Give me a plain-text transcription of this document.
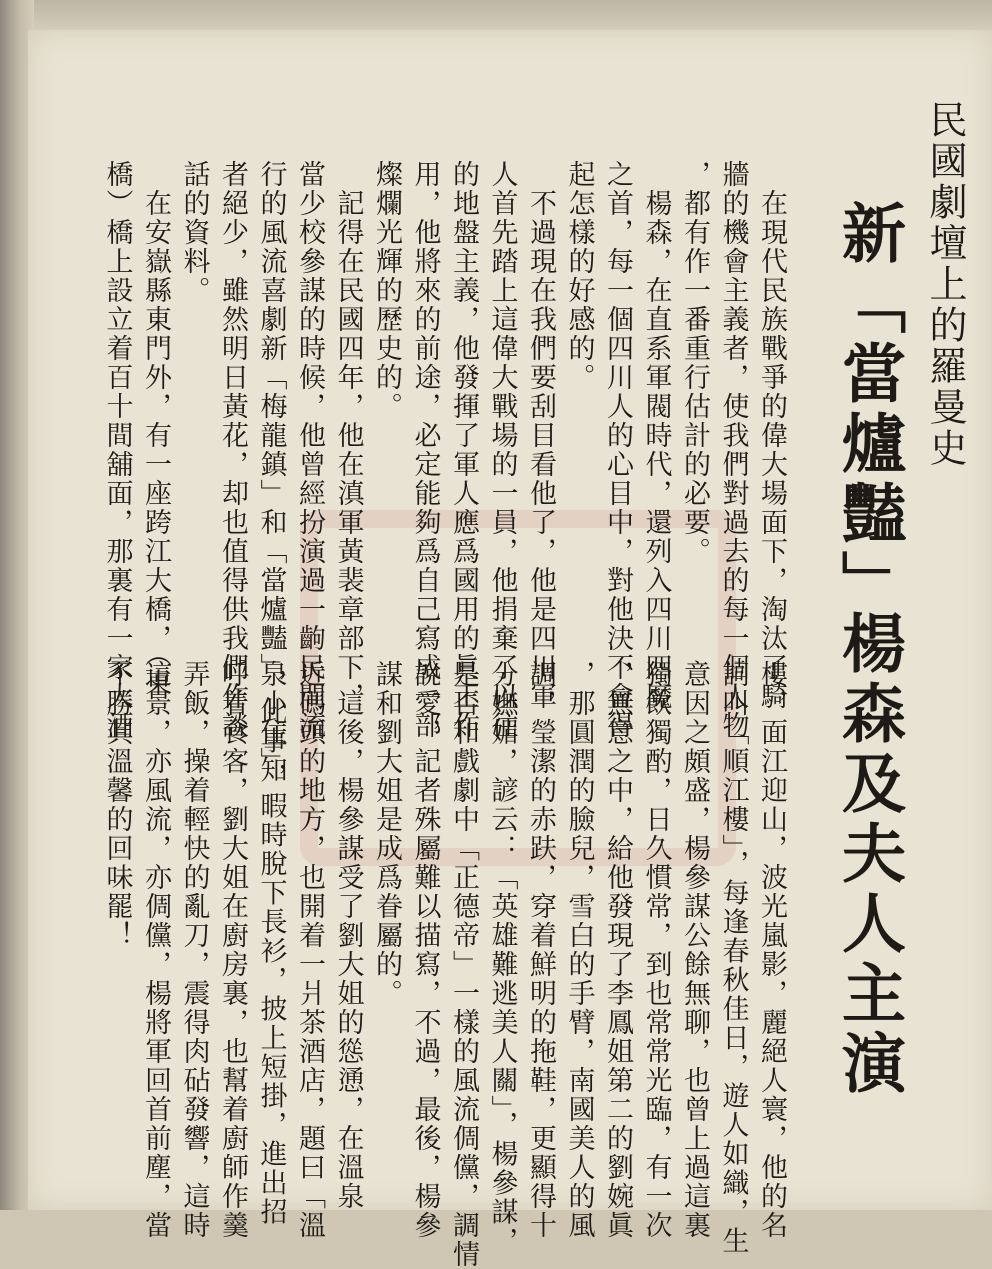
民國劇壇上的羅曼史
新「當爐豔」
楊森及夫人主演
　在現代民族戰爭的偉大場面下，淘汰了騎
牆的機會主義者，使我們對過去的每一個人物
，都有作一番重行估計的必要。
　楊森，在直系軍閥時代，還列入四川四魔
之首，每一個四川人的心目中，對他決不會得
起怎樣的好感的。
　不過現在我們要刮目看他了，他是四川軍
人首先踏上這偉大戰場的一員，他捐棄了以往
的地盤主義，他發揮了軍人應爲國用的眞正作
用，他將來的前途，必定能夠爲自己寫成一部
燦爛光輝的歷史的。
　記得在民國四年，他在滇軍黃裴章部下，
當少校參謀的時候，他曾經扮演過一齣民間流
行的風流喜劇新「梅龍鎮」和「當爐豔」，此事知
者絕少，雖然明日黃花，却也值得供我們作談
話的資料。
　在安嶽縣東門外，有一座跨江大橋，（東
橋）橋上設立着百十間舖面，那裏有一家大酒
樓，面江迎山，波光嵐影，麗絕人寰，他的名
詞叫「順江樓」，每逢春秋佳日，遊人如織，生
意因之頗盛，楊參謀公餘無聊，也曾上過這裏
獨飲獨酌，日久慣常，到也常常光臨，有一次
，無意之中，給他發現了李鳳姐第二的劉婉眞
，那圓潤的臉兒，雪白的手臂，南國美人的風
調，瑩潔的赤趺，穿着鮮明的拖鞋，更顯得十
分嫵媚，諺云：「英雄難逃美人關」，楊參謀，
是否和戲劇中「正德帝」一樣的風流倜儻，調情
說愛，記者殊屬難以描寫，不過，最後，楊參
謀和劉大姐是成爲眷屬的。
　這後，楊參謀受了劉大姐的慫慂，在溫泉
近碼頭的地方，也開着一爿茶酒店，題曰「溫
泉小住」，暇時脫下長衫，披上短掛，進出招
呼着食客，劉大姐在廚房裏，也幫着廚師作羹
弄飯，操着輕快的亂刀，震得肉砧發響，這時
這景，亦風流，亦倜儻，楊將軍回首前塵，當
不勝其溫馨的回味罷！
